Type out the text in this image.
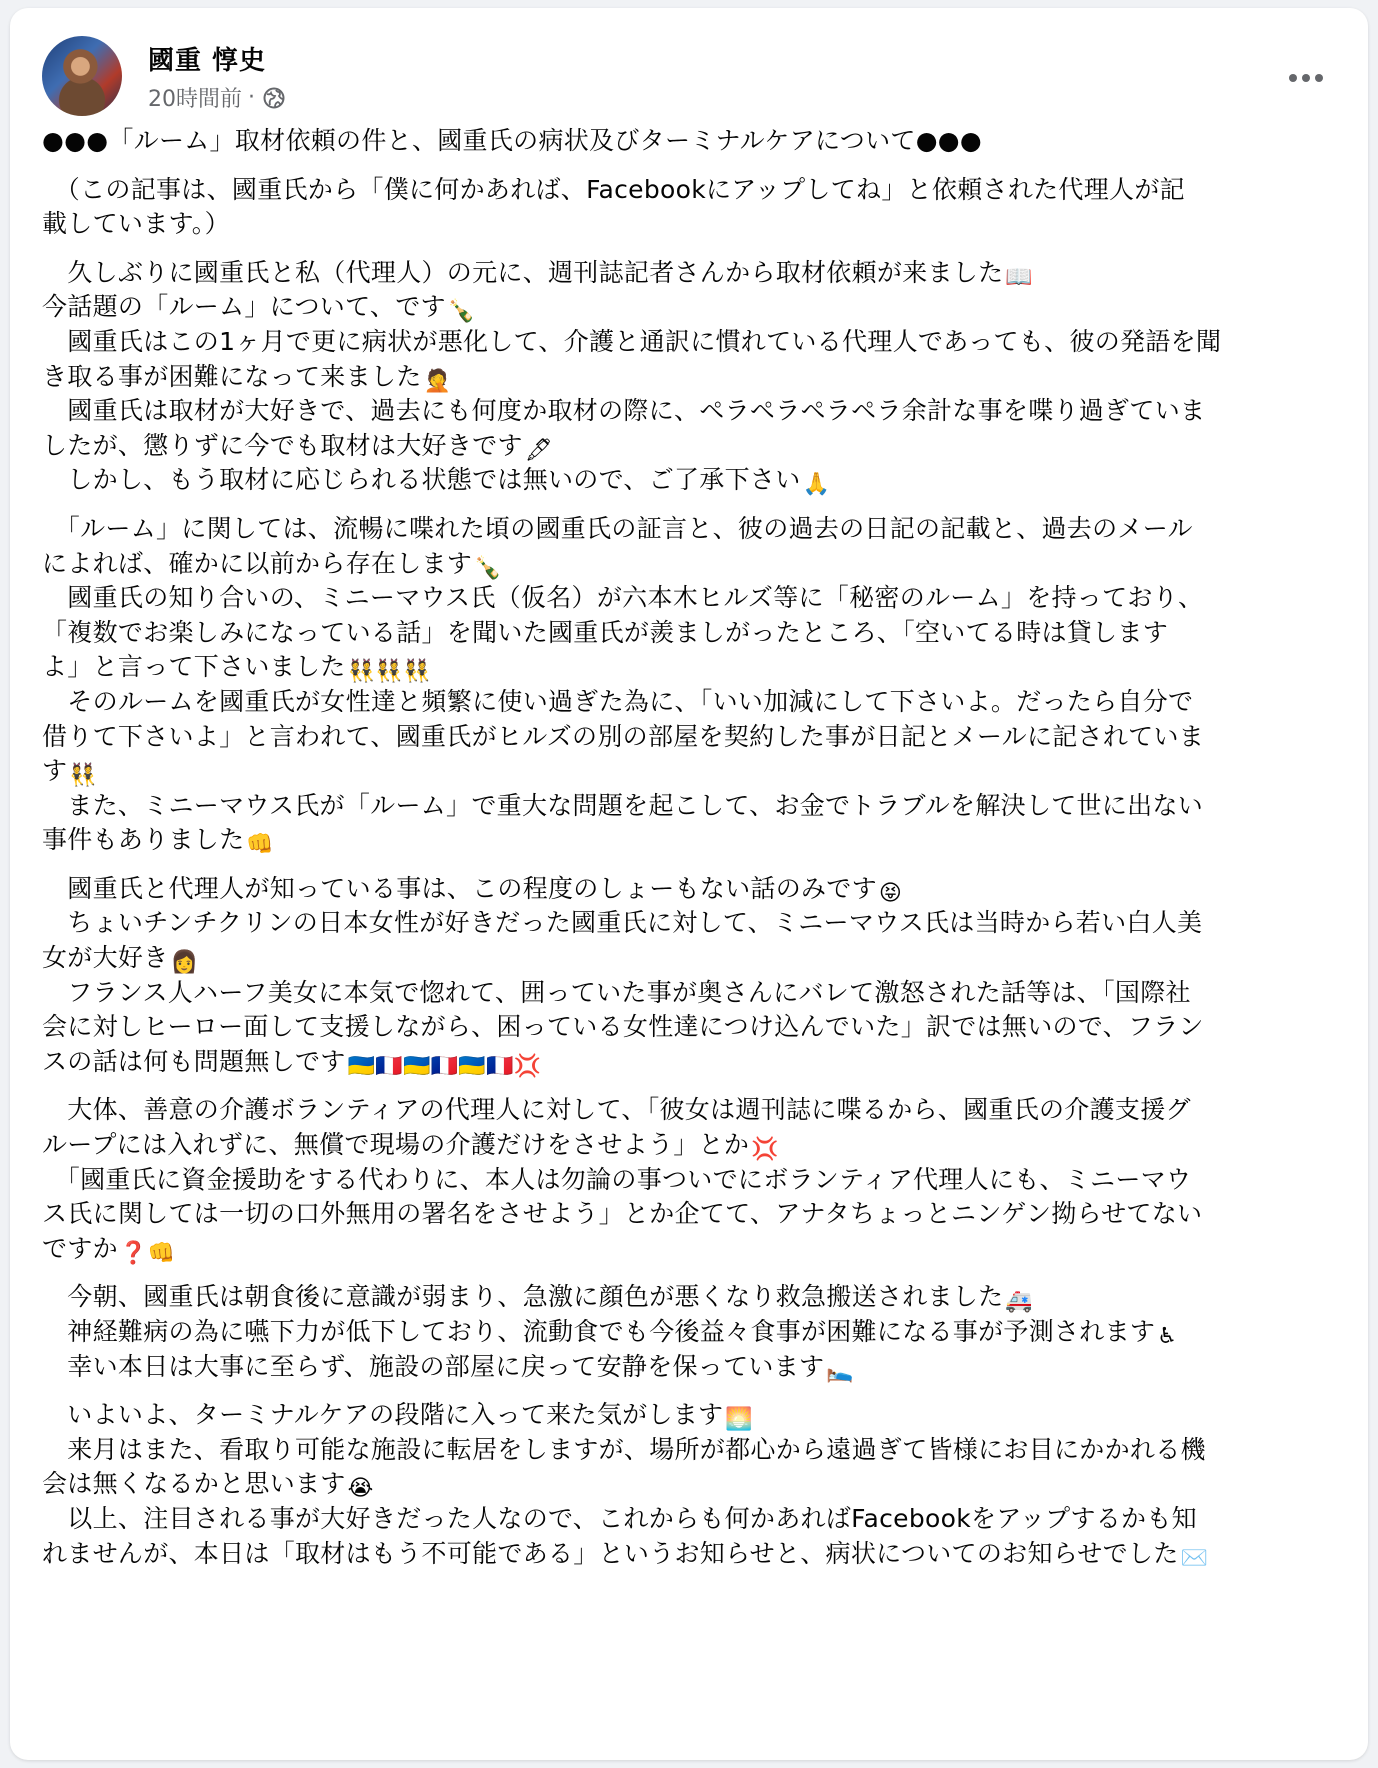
國重 惇史
20時間前 ·
●●●「ルーム」取材依頼の件と、國重氏の病状及びターミナルケアについて●●●
　（この記事は、國重氏から「僕に何かあれば、Facebookにアップしてね」と依頼された代理人が記
載しています。）
　久しぶりに國重氏と私（代理人）の元に、週刊誌記者さんから取材依頼が来ました📖
今話題の「ルーム」について、です🍾
　國重氏はこの1ヶ月で更に病状が悪化して、介護と通訳に慣れている代理人であっても、彼の発語を聞
き取る事が困難になって来ました🤦
　國重氏は取材が大好きで、過去にも何度か取材の際に、ペラペラペラペラ余計な事を喋り過ぎていま
したが、懲りずに今でも取材は大好きです🖋
　しかし、もう取材に応じられる状態では無いので、ご了承下さい🙏
　「ルーム」に関しては、流暢に喋れた頃の國重氏の証言と、彼の過去の日記の記載と、過去のメール
によれば、確かに以前から存在します🍾
　國重氏の知り合いの、ミニーマウス氏（仮名）が六本木ヒルズ等に「秘密のルーム」を持っており、
「複数でお楽しみになっている話」を聞いた國重氏が羨ましがったところ、「空いてる時は貸します
よ」と言って下さいました👯👯👯
　そのルームを國重氏が女性達と頻繁に使い過ぎた為に、「いい加減にして下さいよ。だったら自分で
借りて下さいよ」と言われて、國重氏がヒルズの別の部屋を契約した事が日記とメールに記されていま
す👯
　また、ミニーマウス氏が「ルーム」で重大な問題を起こして、お金でトラブルを解決して世に出ない
事件もありました👊
　國重氏と代理人が知っている事は、この程度のしょーもない話のみです😝
　ちょいチンチクリンの日本女性が好きだった國重氏に対して、ミニーマウス氏は当時から若い白人美
女が大好き👩
　フランス人ハーフ美女に本気で惚れて、囲っていた事が奥さんにバレて激怒された話等は、「国際社
会に対しヒーロー面して支援しながら、困っている女性達につけ込んでいた」訳では無いので、フラン
スの話は何も問題無しです🇺🇦🇫🇷🇺🇦🇫🇷🇺🇦🇫🇷💢
　大体、善意の介護ボランティアの代理人に対して、「彼女は週刊誌に喋るから、國重氏の介護支援グ
ループには入れずに、無償で現場の介護だけをさせよう」とか💢
　「國重氏に資金援助をする代わりに、本人は勿論の事ついでにボランティア代理人にも、ミニーマウ
ス氏に関しては一切の口外無用の署名をさせよう」とか企てて、アナタちょっとニンゲン拗らせてない
ですか❓👊
　今朝、國重氏は朝食後に意識が弱まり、急激に顔色が悪くなり救急搬送されました🚑
　神経難病の為に嚥下力が低下しており、流動食でも今後益々食事が困難になる事が予測されます♿
　幸い本日は大事に至らず、施設の部屋に戻って安静を保っています🛌
　いよいよ、ターミナルケアの段階に入って来た気がします🌅
　来月はまた、看取り可能な施設に転居をしますが、場所が都心から遠過ぎて皆様にお目にかかれる機
会は無くなるかと思います😭
　以上、注目される事が大好きだった人なので、これからも何かあればFacebookをアップするかも知
れませんが、本日は「取材はもう不可能である」というお知らせと、病状についてのお知らせでした✉️
